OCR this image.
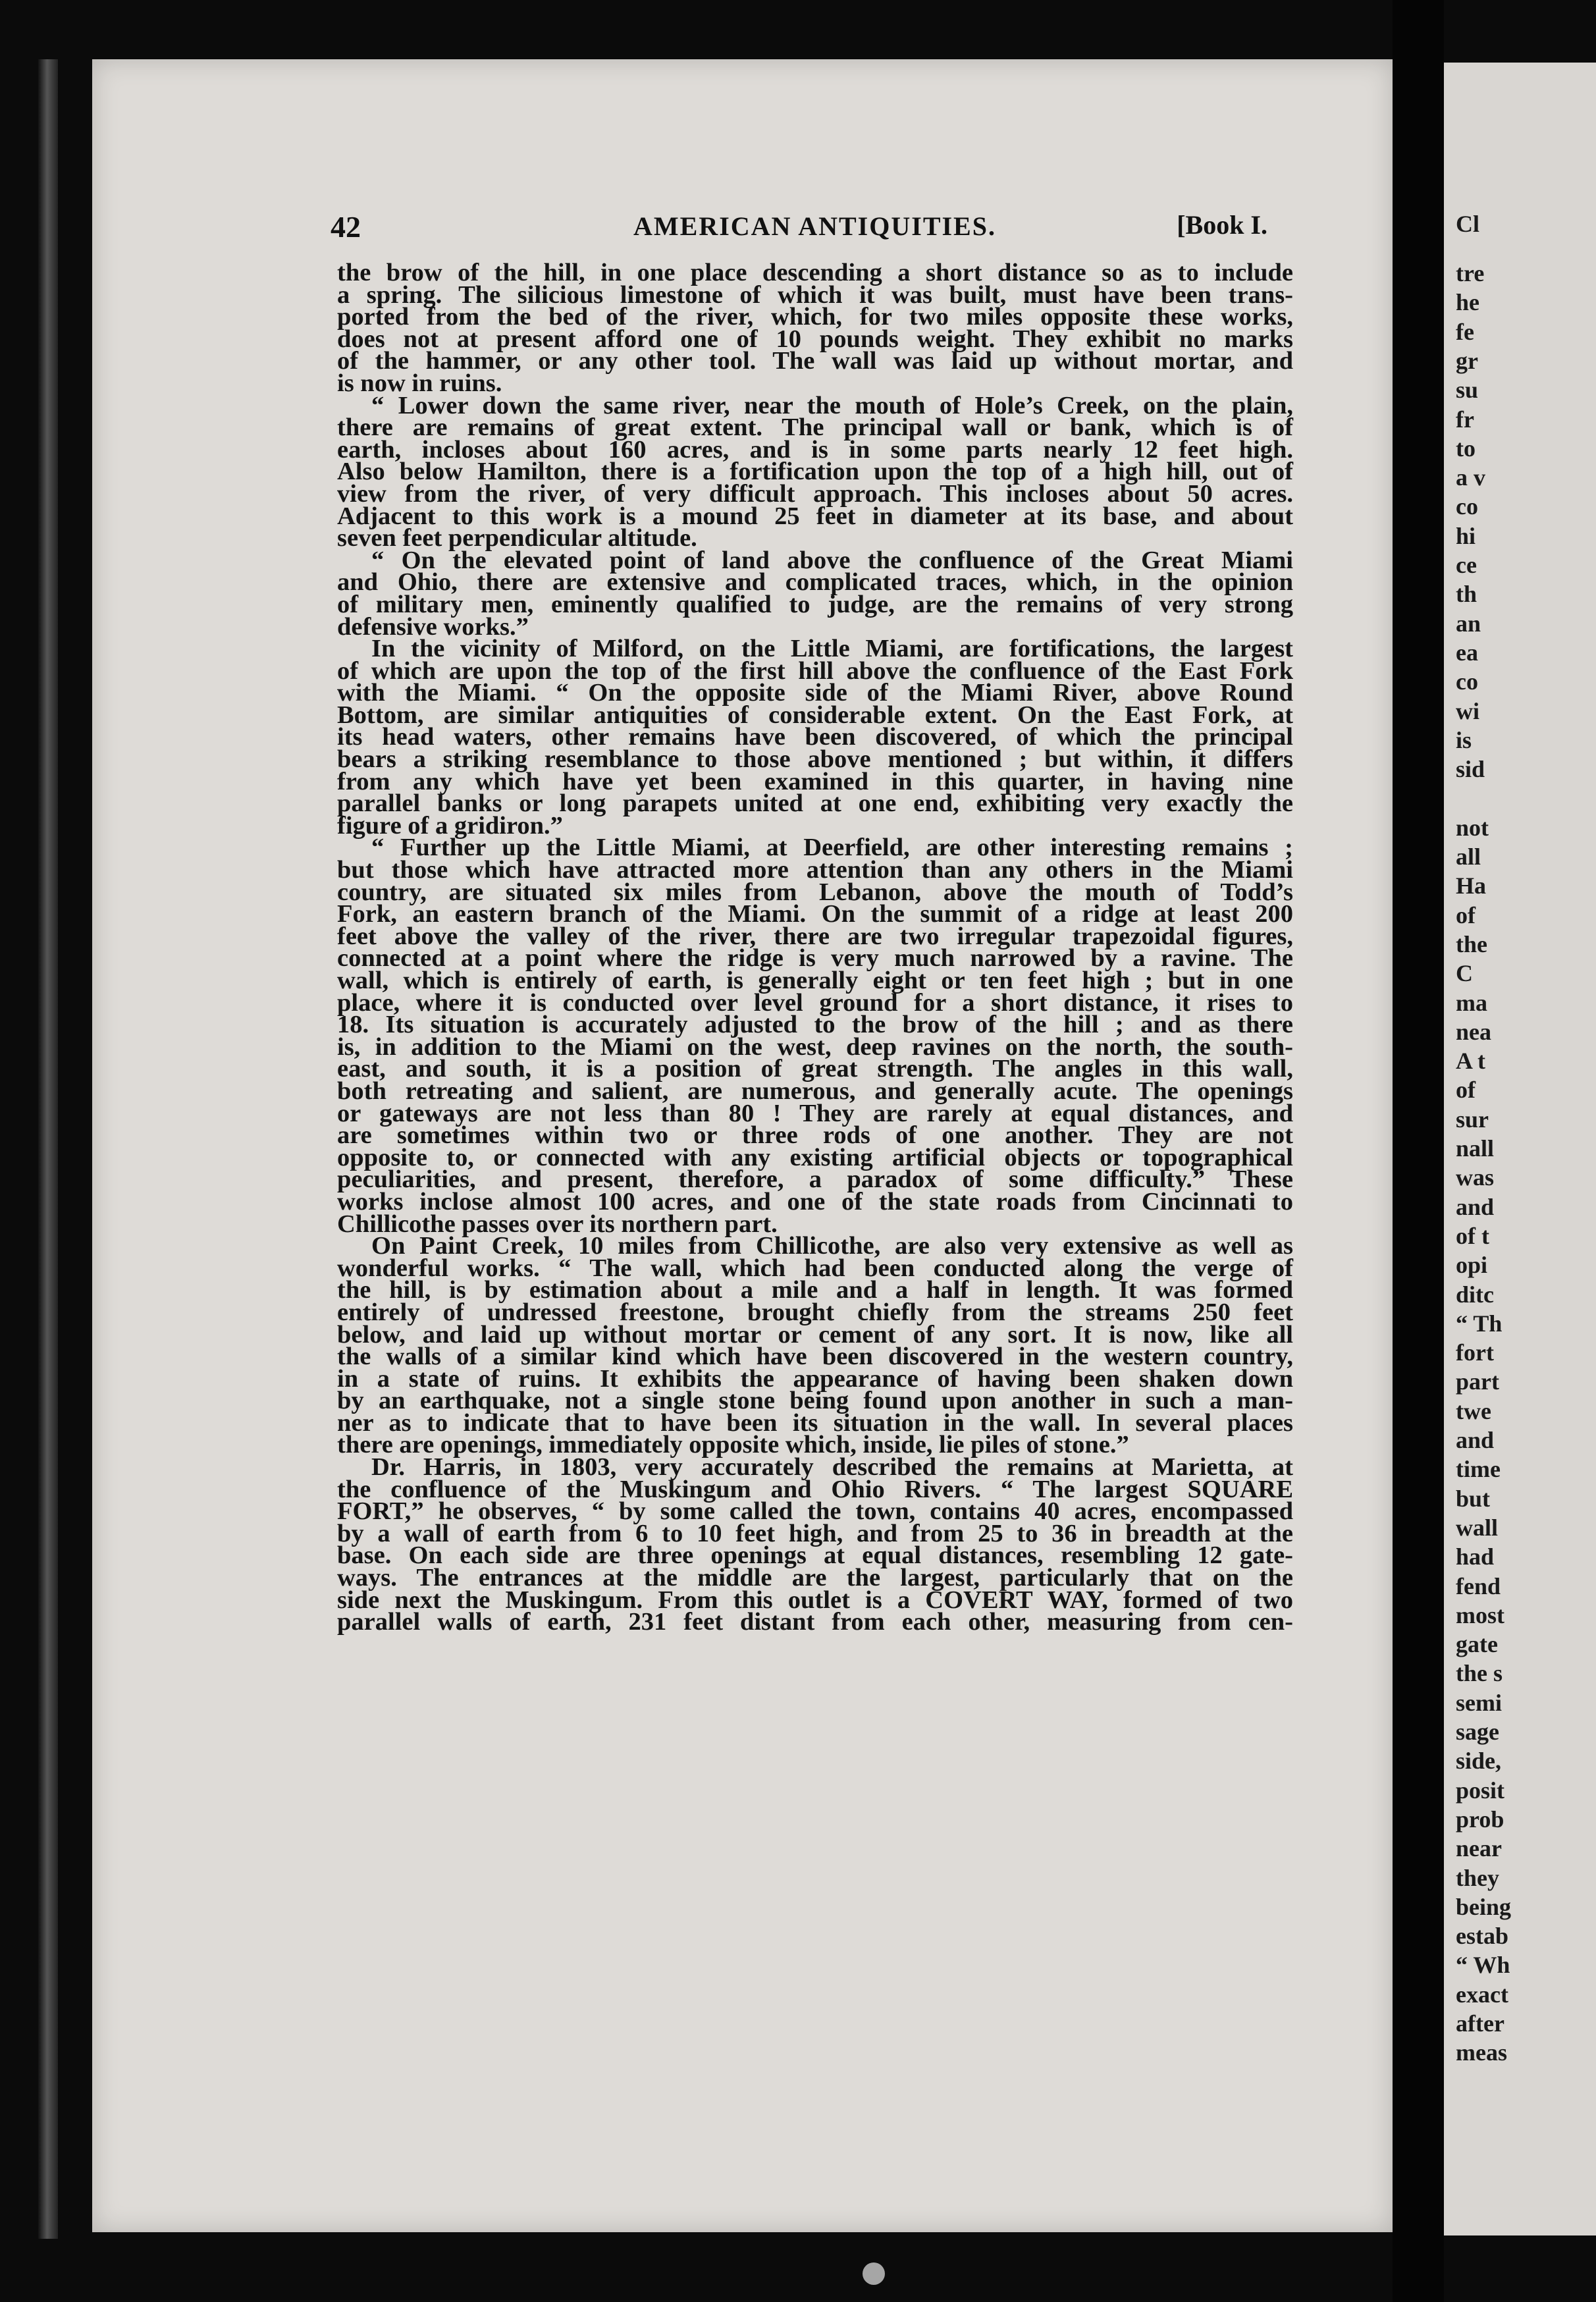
42	AMERICAN ANTIQUITIES.	[Book I.
the brow of the hill, in one place descending a short distance so as to include
a spring. The silicious limestone of which it was built, must have been trans-
ported from the bed of the river, which, for two miles opposite these works,
does not at present afford one of 10 pounds weight. They exhibit no marks
of the hammer, or any other tool. The wall was laid up without mortar, and
is now in ruins.
“ Lower down the same river, near the mouth of Hole’s Creek, on the plain,
there are remains of great extent. The principal wall or bank, which is of
earth, incloses about 160 acres, and is in some parts nearly 12 feet high.
Also below Hamilton, there is a fortification upon the top of a high hill, out of
view from the river, of very difficult approach. This incloses about 50 acres.
Adjacent to this work is a mound 25 feet in diameter at its base, and about
seven feet perpendicular altitude.
“ On the elevated point of land above the confluence of the Great Miami
and Ohio, there are extensive and complicated traces, which, in the opinion
of military men, eminently qualified to judge, are the remains of very strong
defensive works.”
In the vicinity of Milford, on the Little Miami, are fortifications, the largest
of which are upon the top of the first hill above the confluence of the East Fork
with the Miami. “ On the opposite side of the Miami River, above Round
Bottom, are similar antiquities of considerable extent. On the East Fork, at
its head waters, other remains have been discovered, of which the principal
bears a striking resemblance to those above mentioned ; but within, it differs
from any which have yet been examined in this quarter, in having nine
parallel banks or long parapets united at one end, exhibiting very exactly the
figure of a gridiron.”
“ Further up the Little Miami, at Deerfield, are other interesting remains ;
but those which have attracted more attention than any others in the Miami
country, are situated six miles from Lebanon, above the mouth of Todd’s
Fork, an eastern branch of the Miami. On the summit of a ridge at least 200
feet above the valley of the river, there are two irregular trapezoidal figures,
connected at a point where the ridge is very much narrowed by a ravine. The
wall, which is entirely of earth, is generally eight or ten feet high ; but in one
place, where it is conducted over level ground for a short distance, it rises to
18. Its situation is accurately adjusted to the brow of the hill ; and as there
is, in addition to the Miami on the west, deep ravines on the north, the south-
east, and south, it is a position of great strength. The angles in this wall,
both retreating and salient, are numerous, and generally acute. The openings
or gateways are not less than 80 ! They are rarely at equal distances, and
are sometimes within two or three rods of one another. They are not
opposite to, or connected with any existing artificial objects or topographical
peculiarities, and present, therefore, a paradox of some difficulty.” These
works inclose almost 100 acres, and one of the state roads from Cincinnati to
Chillicothe passes over its northern part.
On Paint Creek, 10 miles from Chillicothe, are also very extensive as well as
wonderful works. “ The wall, which had been conducted along the verge of
the hill, is by estimation about a mile and a half in length. It was formed
entirely of undressed freestone, brought chiefly from the streams 250 feet
below, and laid up without mortar or cement of any sort. It is now, like all
the walls of a similar kind which have been discovered in the western country,
in a state of ruins. It exhibits the appearance of having been shaken down
by an earthquake, not a single stone being found upon another in such a man-
ner as to indicate that to have been its situation in the wall. In several places
there are openings, immediately opposite which, inside, lie piles of stone.”
Dr. Harris, in 1803, very accurately described the remains at Marietta, at
the confluence of the Muskingum and Ohio Rivers. “ The largest SQUARE
FORT,” he observes, “ by some called the town, contains 40 acres, encompassed
by a wall of earth from 6 to 10 feet high, and from 25 to 36 in breadth at the
base. On each side are three openings at equal distances, resembling 12 gate-
ways. The entrances at the middle are the largest, particularly that on the
side next the Muskingum. From this outlet is a COVERT WAY, formed of two
parallel walls of earth, 231 feet distant from each other, measuring from cen-
Cl
tre
he
fe
gr
su
fr
to
a v
co
hi
ce
th
an
ea
co
wi
is
sid
not
all
Ha
of
the
C
ma
nea
A t
of
sur
nall
was
and
of t
opi
ditc
“ Th
fort
part
twe
and
time
but
wall
had
fend
most
gate
the s
semi
sage
side,
posit
prob
near
they
being
estab
“ Wh
exact
after
meas
